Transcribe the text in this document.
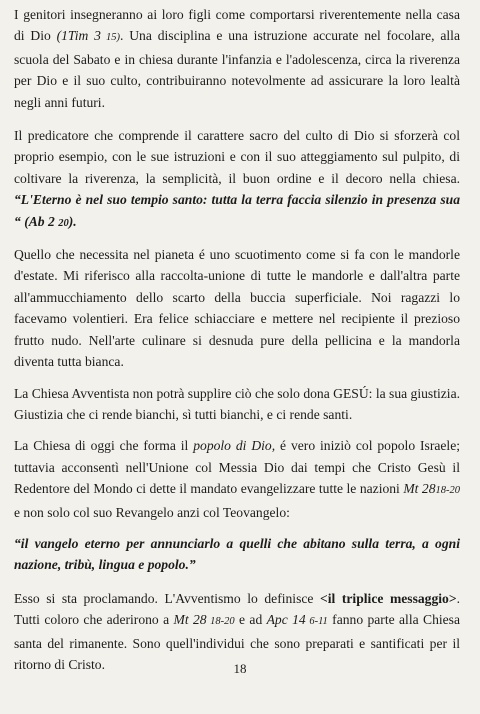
I genitori insegneranno ai loro figli come comportarsi riverentemente nella casa di Dio (1Tim 3 15). Una disciplina e una istruzione accurate nel focolare, alla scuola del Sabato e in chiesa durante l'infanzia e l'adolescenza, circa la riverenza per Dio e il suo culto, contribuiranno notevolmente ad assicurare la loro lealtà negli anni futuri.

Il predicatore che comprende il carattere sacro del culto di Dio si sforzerà col proprio esempio, con le sue istruzioni e con il suo atteggiamento sul pulpito, di coltivare la riverenza, la semplicità, il buon ordine e il decoro nella chiesa. “L'Eterno è nel suo tempio santo: tutta la terra faccia silenzio in presenza sua “ (Ab 2 20).

Quello che necessita nel pianeta é uno scuotimento come si fa con le mandorle d'estate. Mi riferisco alla raccolta-unione di tutte le mandorle e dall'altra parte all'ammucchiamento dello scarto della buccia superficiale. Noi ragazzi lo facevamo volentieri. Era felice schiacciare e mettere nel recipiente il prezioso frutto nudo. Nell'arte culinare si desnuda pure della pellicina e la mandorla diventa tutta bianca.

La Chiesa Avventista non potrà supplire ciò che solo dona GESÚ: la sua giustizia. Giustizia che ci rende bianchi, sì tutti bianchi, e ci rende santi.

La Chiesa di oggi che forma il popolo di Dio, é vero iniziò col popolo Israele; tuttavia acconsentì nell'Unione col Messia Dio dai tempi che Cristo Gesù il Redentore del Mondo ci dette il mandato evangelizzare tutte le nazioni Mt 2818-20 e non solo col suo Revangelo anzi col Teovangelo:

“il vangelo eterno per annunciarlo a quelli che abitano sulla terra, a ogni nazione, tribù, lingua e popolo.”

Esso si sta proclamando. L'Avventismo lo definisce <il triplice messaggio>. Tutti coloro che aderirono a Mt 28 18-20 e ad Apc 14 6-11 fanno parte alla Chiesa santa del rimanente. Sono quell'individui che sono preparati e santificati per il ritorno di Cristo.	18
